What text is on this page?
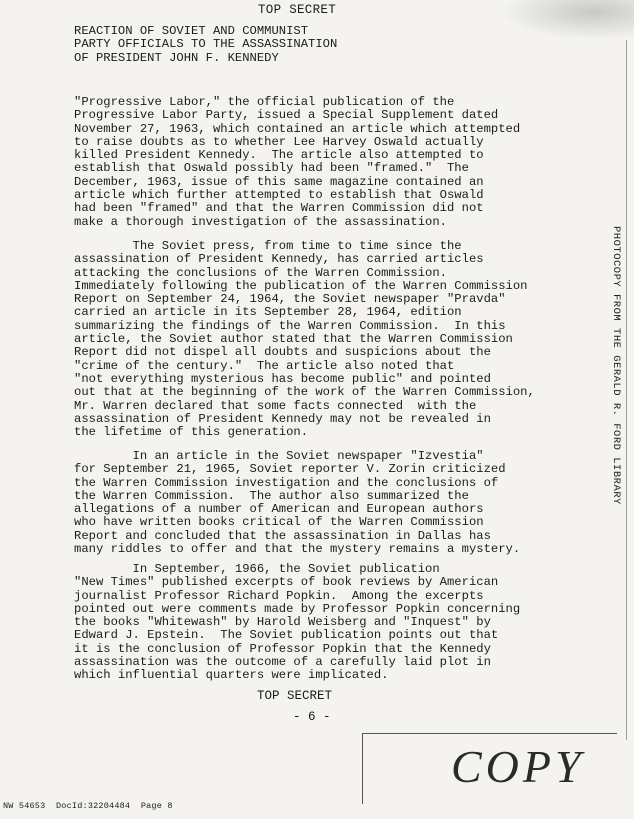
TOP SECRET
REACTION OF SOVIET AND COMMUNIST
PARTY OFFICIALS TO THE ASSASSINATION
OF PRESIDENT JOHN F. KENNEDY
"Progressive Labor," the official publication of the
Progressive Labor Party, issued a Special Supplement dated
November 27, 1963, which contained an article which attempted
to raise doubts as to whether Lee Harvey Oswald actually
killed President Kennedy.  The article also attempted to
establish that Oswald possibly had been "framed."  The
December, 1963, issue of this same magazine contained an
article which further attempted to establish that Oswald
had been "framed" and that the Warren Commission did not
make a thorough investigation of the assassination.
The Soviet press, from time to time since the
assassination of President Kennedy, has carried articles
attacking the conclusions of the Warren Commission.
Immediately following the publication of the Warren Commission
Report on September 24, 1964, the Soviet newspaper "Pravda"
carried an article in its September 28, 1964, edition
summarizing the findings of the Warren Commission.  In this
article, the Soviet author stated that the Warren Commission
Report did not dispel all doubts and suspicions about the
"crime of the century."  The article also noted that
"not everything mysterious has become public" and pointed
out that at the beginning of the work of the Warren Commission,
Mr. Warren declared that some facts connected  with the
assassination of President Kennedy may not be revealed in
the lifetime of this generation.
In an article in the Soviet newspaper "Izvestia"
for September 21, 1965, Soviet reporter V. Zorin criticized
the Warren Commission investigation and the conclusions of
the Warren Commission.  The author also summarized the
allegations of a number of American and European authors
who have written books critical of the Warren Commission
Report and concluded that the assassination in Dallas has
many riddles to offer and that the mystery remains a mystery.
In September, 1966, the Soviet publication
"New Times" published excerpts of book reviews by American
journalist Professor Richard Popkin.  Among the excerpts
pointed out were comments made by Professor Popkin concerning
the books "Whitewash" by Harold Weisberg and "Inquest" by
Edward J. Epstein.  The Soviet publication points out that
it is the conclusion of Professor Popkin that the Kennedy
assassination was the outcome of a carefully laid plot in
which influential quarters were implicated.
TOP SECRET
- 6 -
PHOTOCOPY FROM THE GERALD R. FORD LIBRARY
COPY
NW 54653  DocId:32204484  Page 8
